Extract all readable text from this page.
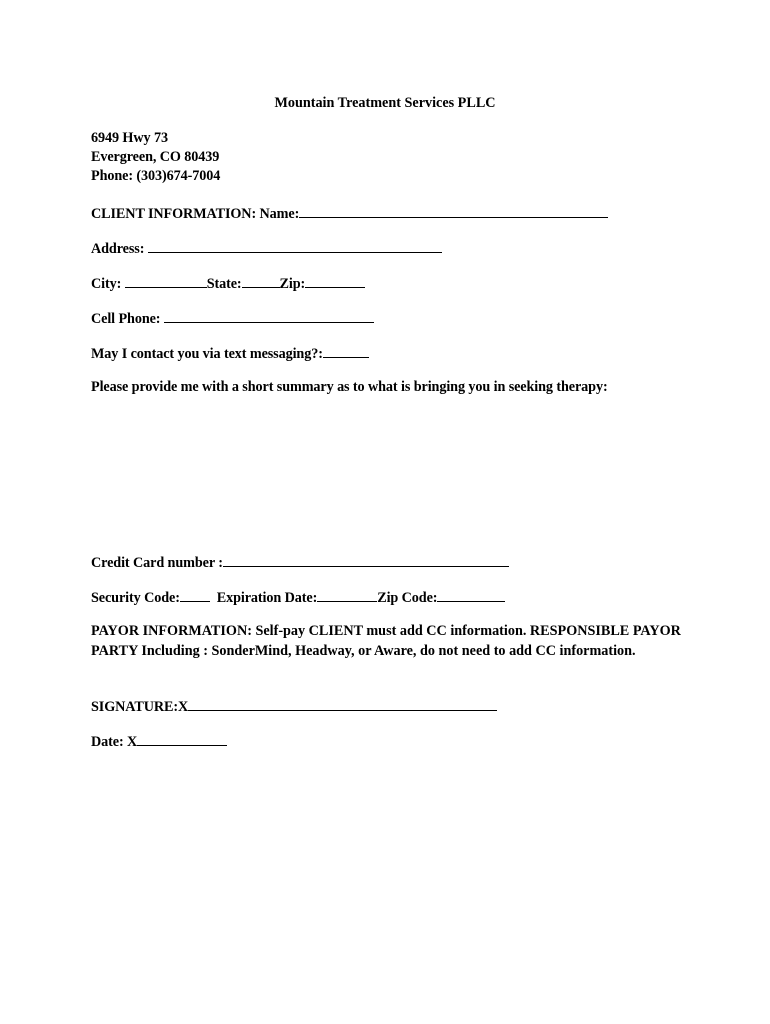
Mountain Treatment Services PLLC
6949 Hwy 73
Evergreen, CO 80439
Phone: (303)674-7004
CLIENT INFORMATION: Name:
Address:
City:	State:	Zip:
Cell Phone:
May I contact you via text messaging?:
Please provide me with a short summary as to what is bringing you in seeking therapy:
Credit Card number :
Security Code:	Expiration Date:	Zip Code:
PAYOR INFORMATION: Self-pay CLIENT must add CC information. RESPONSIBLE PAYOR PARTY Including : SonderMind, Headway, or Aware, do not need to add CC information.
SIGNATURE:X
Date: X
